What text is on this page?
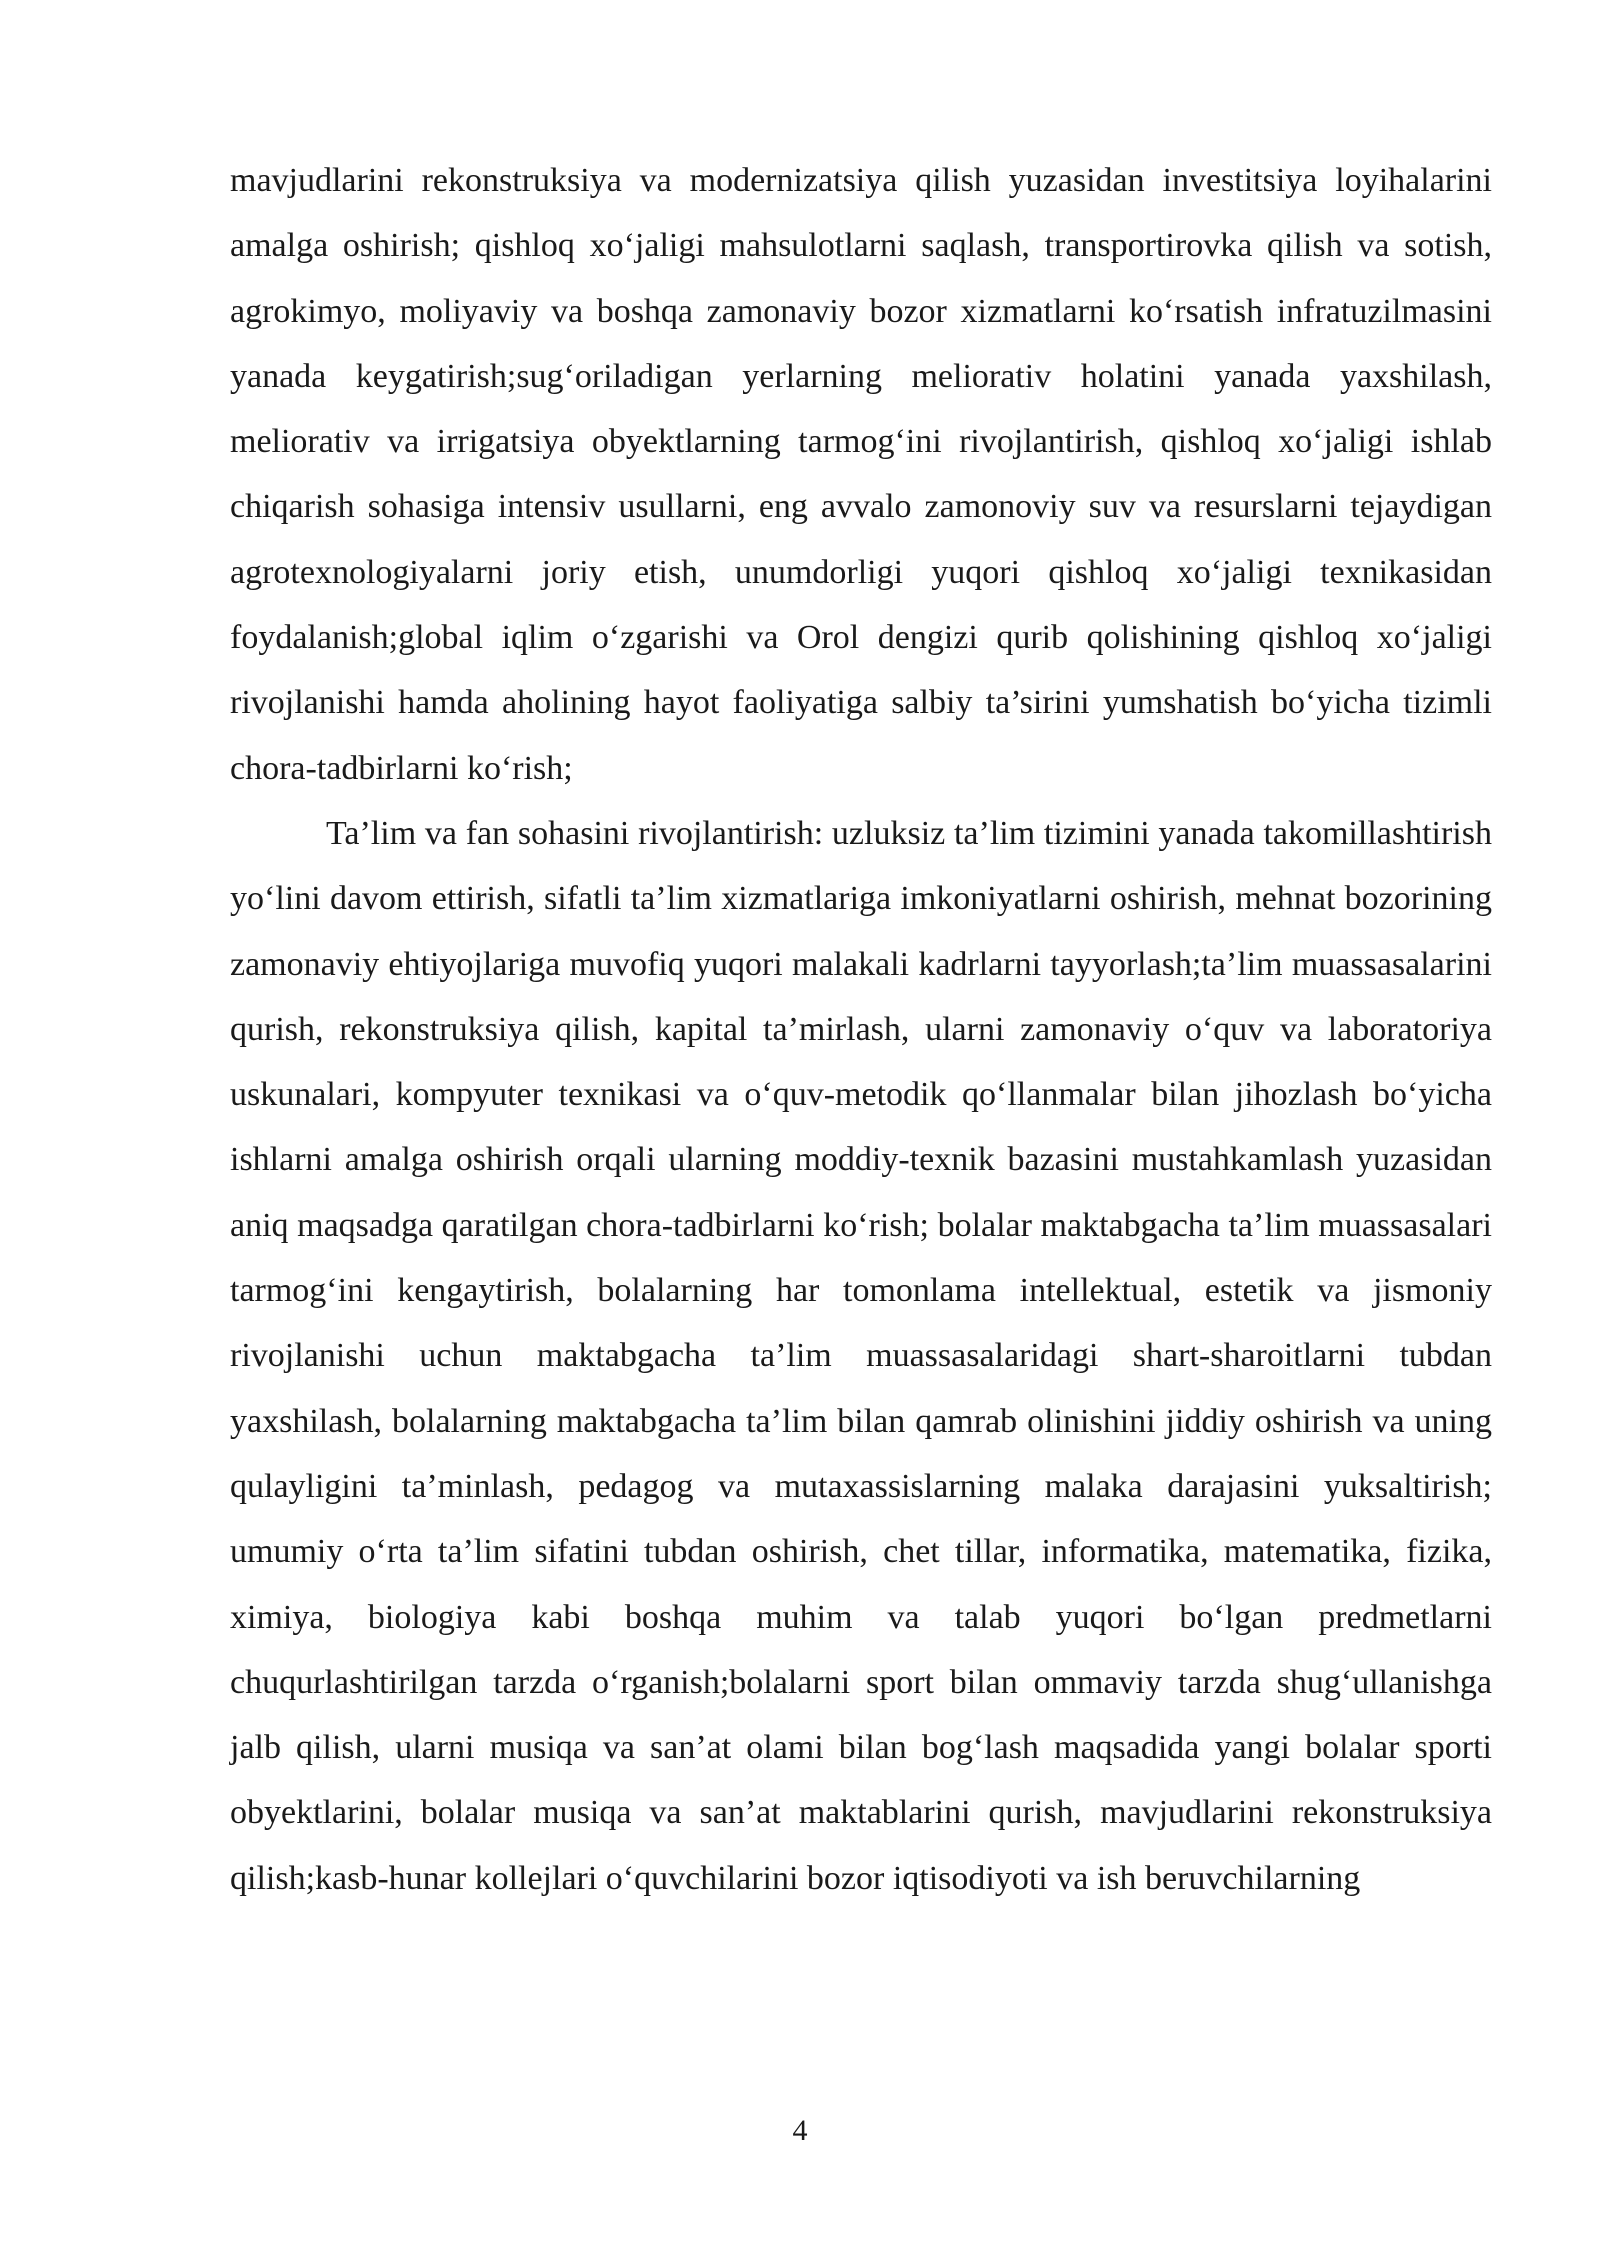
mavjudlarini rekonstruksiya va modernizatsiya qilish yuzasidan investitsiya loyihalarini amalga oshirish; qishloq xo‘jaligi mahsulotlarni saqlash, transportirovka qilish va sotish, agrokimyo, moliyaviy va boshqa zamonaviy bozor xizmatlarni ko‘rsatish infratuzilmasini yanada keygatirish;sug‘oriladigan yerlarning meliorativ holatini yanada yaxshilash, meliorativ va irrigatsiya obyektlarning tarmog‘ini rivojlantirish, qishloq xo‘jaligi ishlab chiqarish sohasiga intensiv usullarni, eng avvalo zamonoviy suv va resurslarni tejaydigan agrotexnologiyalarni joriy etish, unumdorligi yuqori qishloq xo‘jaligi texnikasidan foydalanish;global iqlim o‘zgarishi va Orol dengizi qurib qolishining qishloq xo‘jaligi rivojlanishi hamda aholining hayot faoliyatiga salbiy ta’sirini yumshatish bo‘yicha tizimli chora-tadbirlarni ko‘rish;

Ta’lim va fan sohasini rivojlantirish: uzluksiz ta’lim tizimini yanada takomillashtirish yo‘lini davom ettirish, sifatli ta’lim xizmatlariga imkoniyatlarni oshirish, mehnat bozorining zamonaviy ehtiyojlariga muvofiq yuqori malakali kadrlarni tayyorlash;ta’lim muassasalarini qurish, rekonstruksiya qilish, kapital ta’mirlash, ularni zamonaviy o‘quv va laboratoriya uskunalari, kompyuter texnikasi va o‘quv-metodik qo‘llanmalar bilan jihozlash bo‘yicha ishlarni amalga oshirish orqali ularning moddiy-texnik bazasini mustahkamlash yuzasidan aniq maqsadga qaratilgan chora-tadbirlarni ko‘rish; bolalar maktabgacha ta’lim muassasalari tarmog‘ini kengaytirish, bolalarning har tomonlama intellektual, estetik va jismoniy rivojlanishi uchun maktabgacha ta’lim muassasalaridagi shart-sharoitlarni tubdan yaxshilash, bolalarning maktabgacha ta’lim bilan qamrab olinishini jiddiy oshirish va uning qulayligini ta’minlash, pedagog va mutaxassislarning malaka darajasini yuksaltirish; umumiy o‘rta ta’lim sifatini tubdan oshirish, chet tillar, informatika, matematika, fizika, ximiya, biologiya kabi boshqa muhim va talab yuqori bo‘lgan predmetlarni chuqurlashtirilgan tarzda o‘rganish;bolalarni sport bilan ommaviy tarzda shug‘ullanishga jalb qilish, ularni musiqa va san’at olami bilan bog‘lash maqsadida yangi bolalar sporti obyektlarini, bolalar musiqa va san’at maktablarini qurish, mavjudlarini rekonstruksiya qilish;kasb-hunar kollejlari o‘quvchilarini bozor iqtisodiyoti va ish beruvchilarning

4
